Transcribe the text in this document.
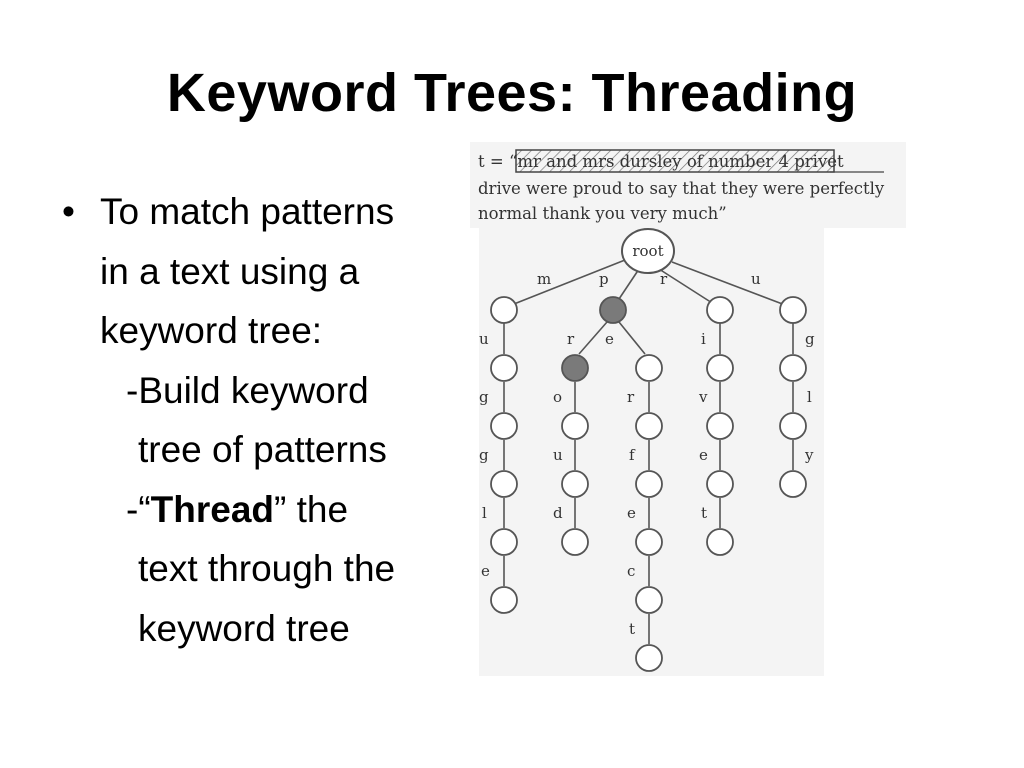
Keyword Trees: Threading
• To match patterns
in a text using a
keyword tree:
-Build keyword
tree of patterns
-“Thread” the
text through the
keyword tree
t = “mr and mrs dursley of number 4 privet
drive were proud to say that they were perfectly
normal thank you very much”
root
m	p	r	u
u
g
g
l
e
r e
o
u
d
r
f
e
c
t
i
v
e
t
g
l
y
